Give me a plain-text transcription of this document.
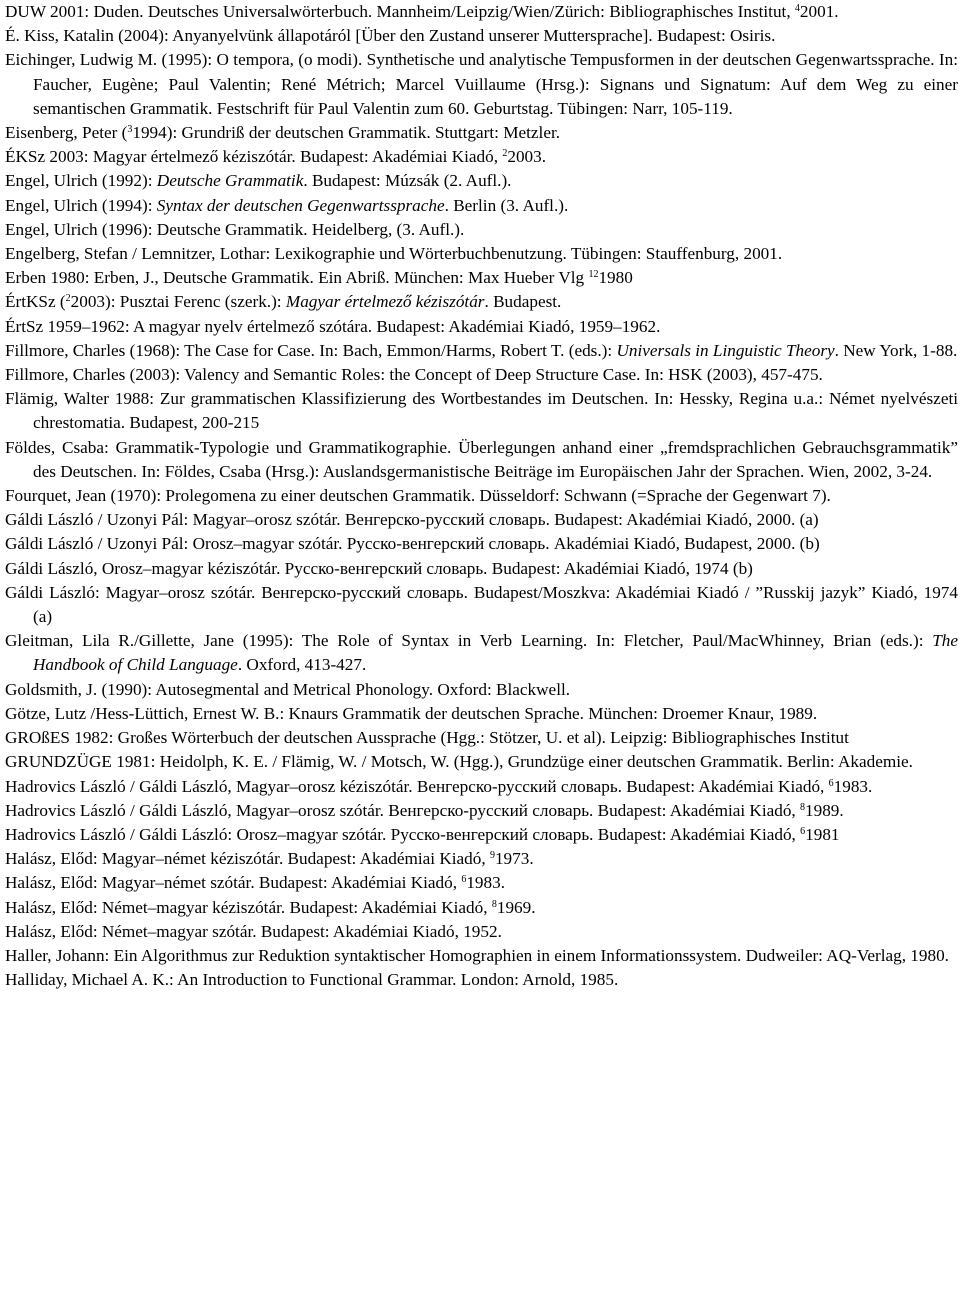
DUW 2001: Duden. Deutsches Universalwörterbuch. Mannheim/Leipzig/Wien/Zürich: Bibliographisches Institut, $^4$2001.

É. Kiss, Katalin (2004): Anyanyelvünk állapotáról [Über den Zustand unserer Muttersprache]. Budapest: Osiris.

Eichinger, Ludwig M. (1995): O tempora, (o modi). Synthetische und analytische Tempusformen in der deutschen Gegenwartssprache. In: Faucher, Eugène; Paul Valentin; René Métrich; Marcel Vuillaume (Hrsg.): Signans und Signatum: Auf dem Weg zu einer semantischen Grammatik. Festschrift für Paul Valentin zum 60. Geburtstag. Tübingen: Narr, 105-119.

Eisenberg, Peter ($^3$1994): Grundriß der deutschen Grammatik. Stuttgart: Metzler.

ÉKSz 2003: Magyar értelmező kéziszótár. Budapest: Akadémiai Kiadó, $^2$2003.

Engel, Ulrich (1992): Deutsche Grammatik. Budapest: Múzsák (2. Aufl.).

Engel, Ulrich (1994): Syntax der deutschen Gegenwartssprache. Berlin (3. Aufl.).

Engel, Ulrich (1996): Deutsche Grammatik. Heidelberg, (3. Aufl.).

Engelberg, Stefan / Lemnitzer, Lothar: Lexikographie und Wörterbuchbenutzung. Tübingen: Stauffenburg, 2001.

Erben 1980: Erben, J., Deutsche Grammatik. Ein Abriß. München: Max Hueber Vlg $^{12}$1980

ÉrtKSz ($^2$2003): Pusztai Ferenc (szerk.): Magyar értelmező kéziszótár. Budapest.

ÉrtSz 1959–1962: A magyar nyelv értelmező szótára. Budapest: Akadémiai Kiadó, 1959–1962.

Fillmore, Charles (1968): The Case for Case. In: Bach, Emmon/Harms, Robert T. (eds.): Universals in Linguistic Theory. New York, 1-88.

Fillmore, Charles (2003): Valency and Semantic Roles: the Concept of Deep Structure Case. In: HSK (2003), 457-475.

Flämig, Walter 1988: Zur grammatischen Klassifizierung des Wortbestandes im Deutschen. In: Hessky, Regina u.a.: Német nyelvészeti chrestomatia. Budapest, 200-215

Földes, Csaba: Grammatik-Typologie und Grammatikographie. Überlegungen anhand einer „fremdsprachlichen Gebrauchsgrammatik” des Deutschen. In: Földes, Csaba (Hrsg.): Auslandsgermanistische Beiträge im Europäischen Jahr der Sprachen. Wien, 2002, 3-24.

Fourquet, Jean (1970): Prolegomena zu einer deutschen Grammatik. Düsseldorf: Schwann (=Sprache der Gegenwart 7).

Gáldi László / Uzonyi Pál: Magyar–orosz szótár. Венгерско-русский словарь. Budapest: Akadémiai Kiadó, 2000. (a)

Gáldi László / Uzonyi Pál: Orosz–magyar szótár. Русско-венгерский словарь. Akadémiai Kiadó, Budapest, 2000. (b)

Gáldi László, Orosz–magyar kéziszótár. Русско-венгерский словарь. Budapest: Akadémiai Kiadó, 1974 (b)

Gáldi László: Magyar–orosz szótár. Венгерско-русский словарь. Budapest/Moszkva: Akadémiai Kiadó / ”Russkij jazyk” Kiadó, 1974 (a)

Gleitman, Lila R./Gillette, Jane (1995): The Role of Syntax in Verb Learning. In: Fletcher, Paul/MacWhinney, Brian (eds.): The Handbook of Child Language. Oxford, 413-427.

Goldsmith, J. (1990): Autosegmental and Metrical Phonology. Oxford: Blackwell.

Götze, Lutz /Hess-Lüttich, Ernest W. B.: Knaurs Grammatik der deutschen Sprache. München: Droemer Knaur, 1989.

GROßES 1982: Großes Wörterbuch der deutschen Aussprache (Hgg.: Stötzer, U. et al). Leipzig: Bibliographisches Institut

GRUNDZÜGE 1981: Heidolph, K. E. / Flämig, W. / Motsch, W. (Hgg.), Grundzüge einer deutschen Grammatik. Berlin: Akademie.

Hadrovics László / Gáldi László, Magyar–orosz kéziszótár. Венгерско-русский словарь. Budapest: Akadémiai Kiadó, $^6$1983.

Hadrovics László / Gáldi László, Magyar–orosz szótár. Венгерско-русский словарь. Budapest: Akadémiai Kiadó, $^8$1989.

Hadrovics László / Gáldi László: Orosz–magyar szótár. Русско-венгерский словарь. Budapest: Akadémiai Kiadó, $^6$1981

Halász, Előd: Magyar–német kéziszótár. Budapest: Akadémiai Kiadó, $^9$1973.

Halász, Előd: Magyar–német szótár. Budapest: Akadémiai Kiadó, $^6$1983.

Halász, Előd: Német–magyar kéziszótár. Budapest: Akadémiai Kiadó, $^8$1969.

Halász, Előd: Német–magyar szótár. Budapest: Akadémiai Kiadó, 1952.

Haller, Johann: Ein Algorithmus zur Reduktion syntaktischer Homographien in einem Informationssystem. Dudweiler: AQ-Verlag, 1980.

Halliday, Michael A. K.: An Introduction to Functional Grammar. London: Arnold, 1985.
